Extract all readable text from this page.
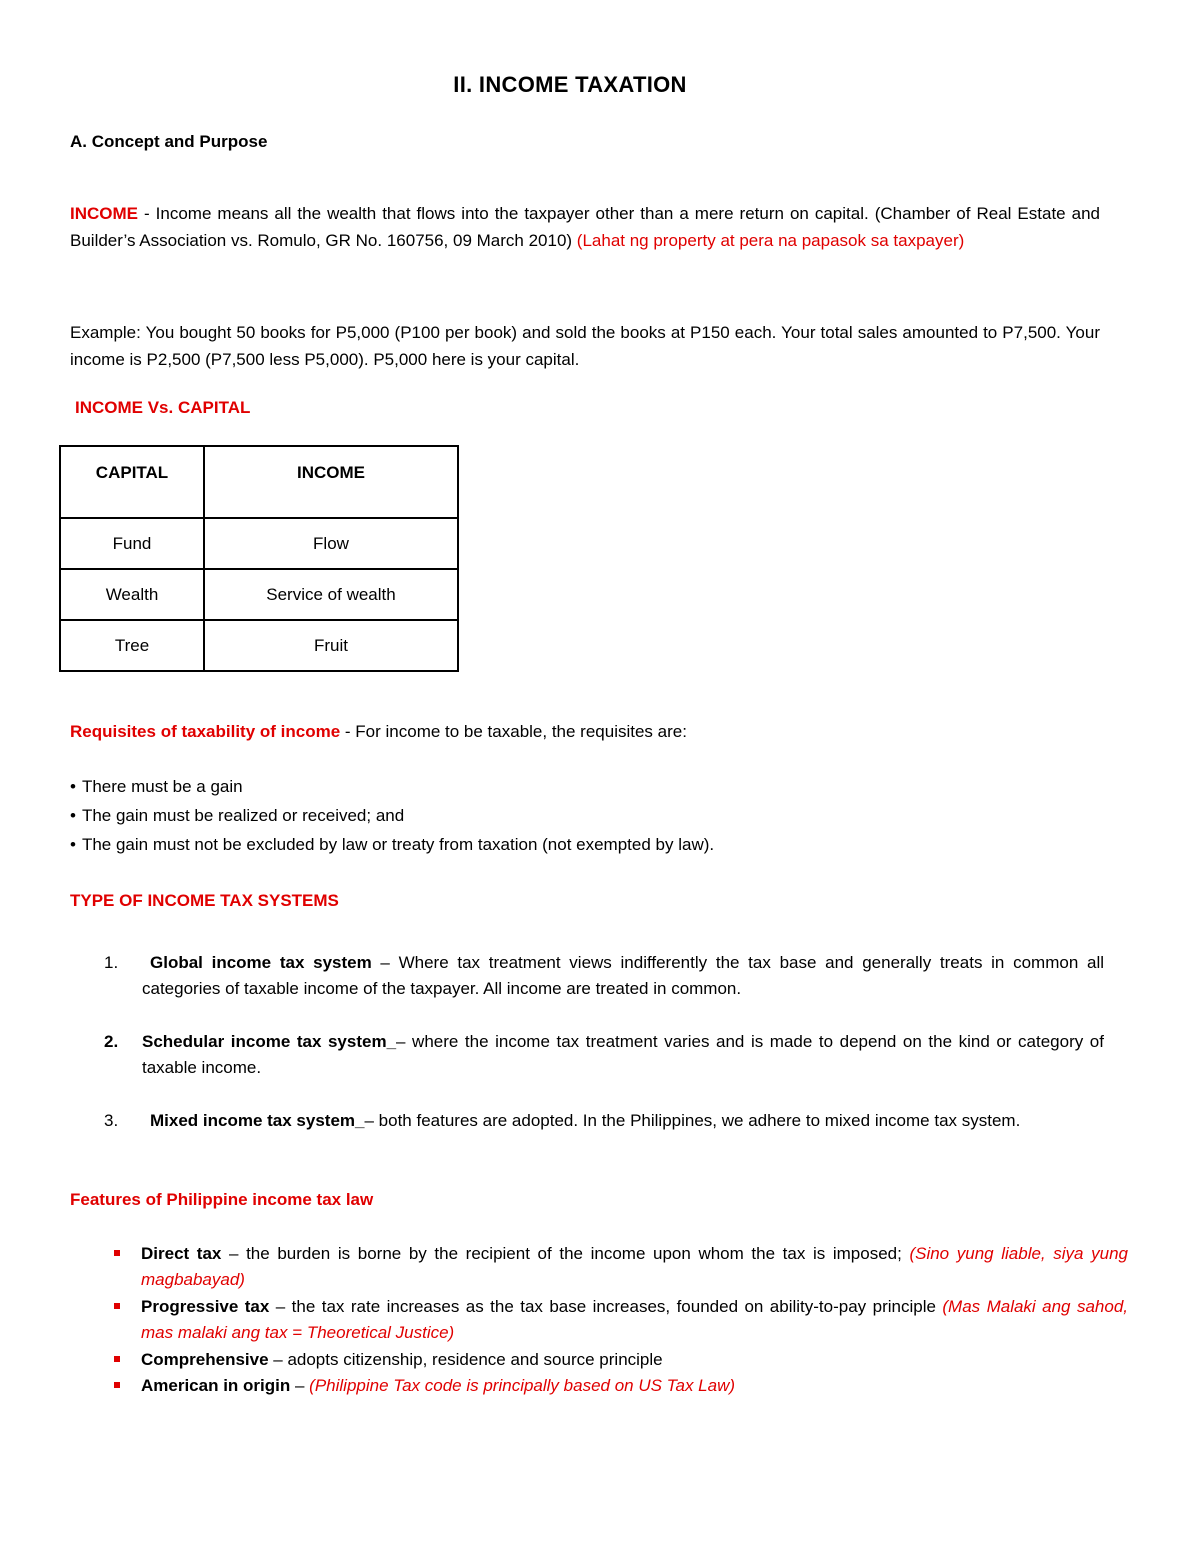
II. INCOME TAXATION
A. Concept and Purpose

INCOME - Income means all the wealth that flows into the taxpayer other than a mere return on capital. (Chamber of Real Estate and Builder’s Association vs. Romulo, GR No. 160756, 09 March 2010) (Lahat ng property at pera na papasok sa taxpayer)

Example: You bought 50 books for P5,000 (P100 per book) and sold the books at P150 each. Your total sales amounted to P7,500. Your income is P2,500 (P7,500 less P5,000). P5,000 here is your capital.

INCOME Vs. CAPITAL
CAPITAL	INCOME
Fund	Flow
Wealth	Service of wealth
Tree	Fruit

Requisites of taxability of income - For income to be taxable, the requisites are:

• There must be a gain
• The gain must be realized or received; and
• The gain must not be excluded by law or treaty from taxation (not exempted by law).
TYPE OF INCOME TAX SYSTEMS
1.	Global income tax system – Where tax treatment views indifferently the tax base and generally treats in common all categories of taxable income of the taxpayer. All income are treated in common.

2.	Schedular income tax system_– where the income tax treatment varies and is made to depend on the kind or category of taxable income.

3.	Mixed income tax system_– both features are adopted. In the Philippines, we adhere to mixed income tax system.

Features of Philippine income tax law

Direct tax – the burden is borne by the recipient of the income upon whom the tax is imposed; (Sino yung liable, siya yung magbabayad)

Progressive tax – the tax rate increases as the tax base increases, founded on ability-to-pay principle (Mas Malaki ang sahod, mas malaki ang tax = Theoretical Justice)

Comprehensive – adopts citizenship, residence and source principle

American in origin – (Philippine Tax code is principally based on US Tax Law)
